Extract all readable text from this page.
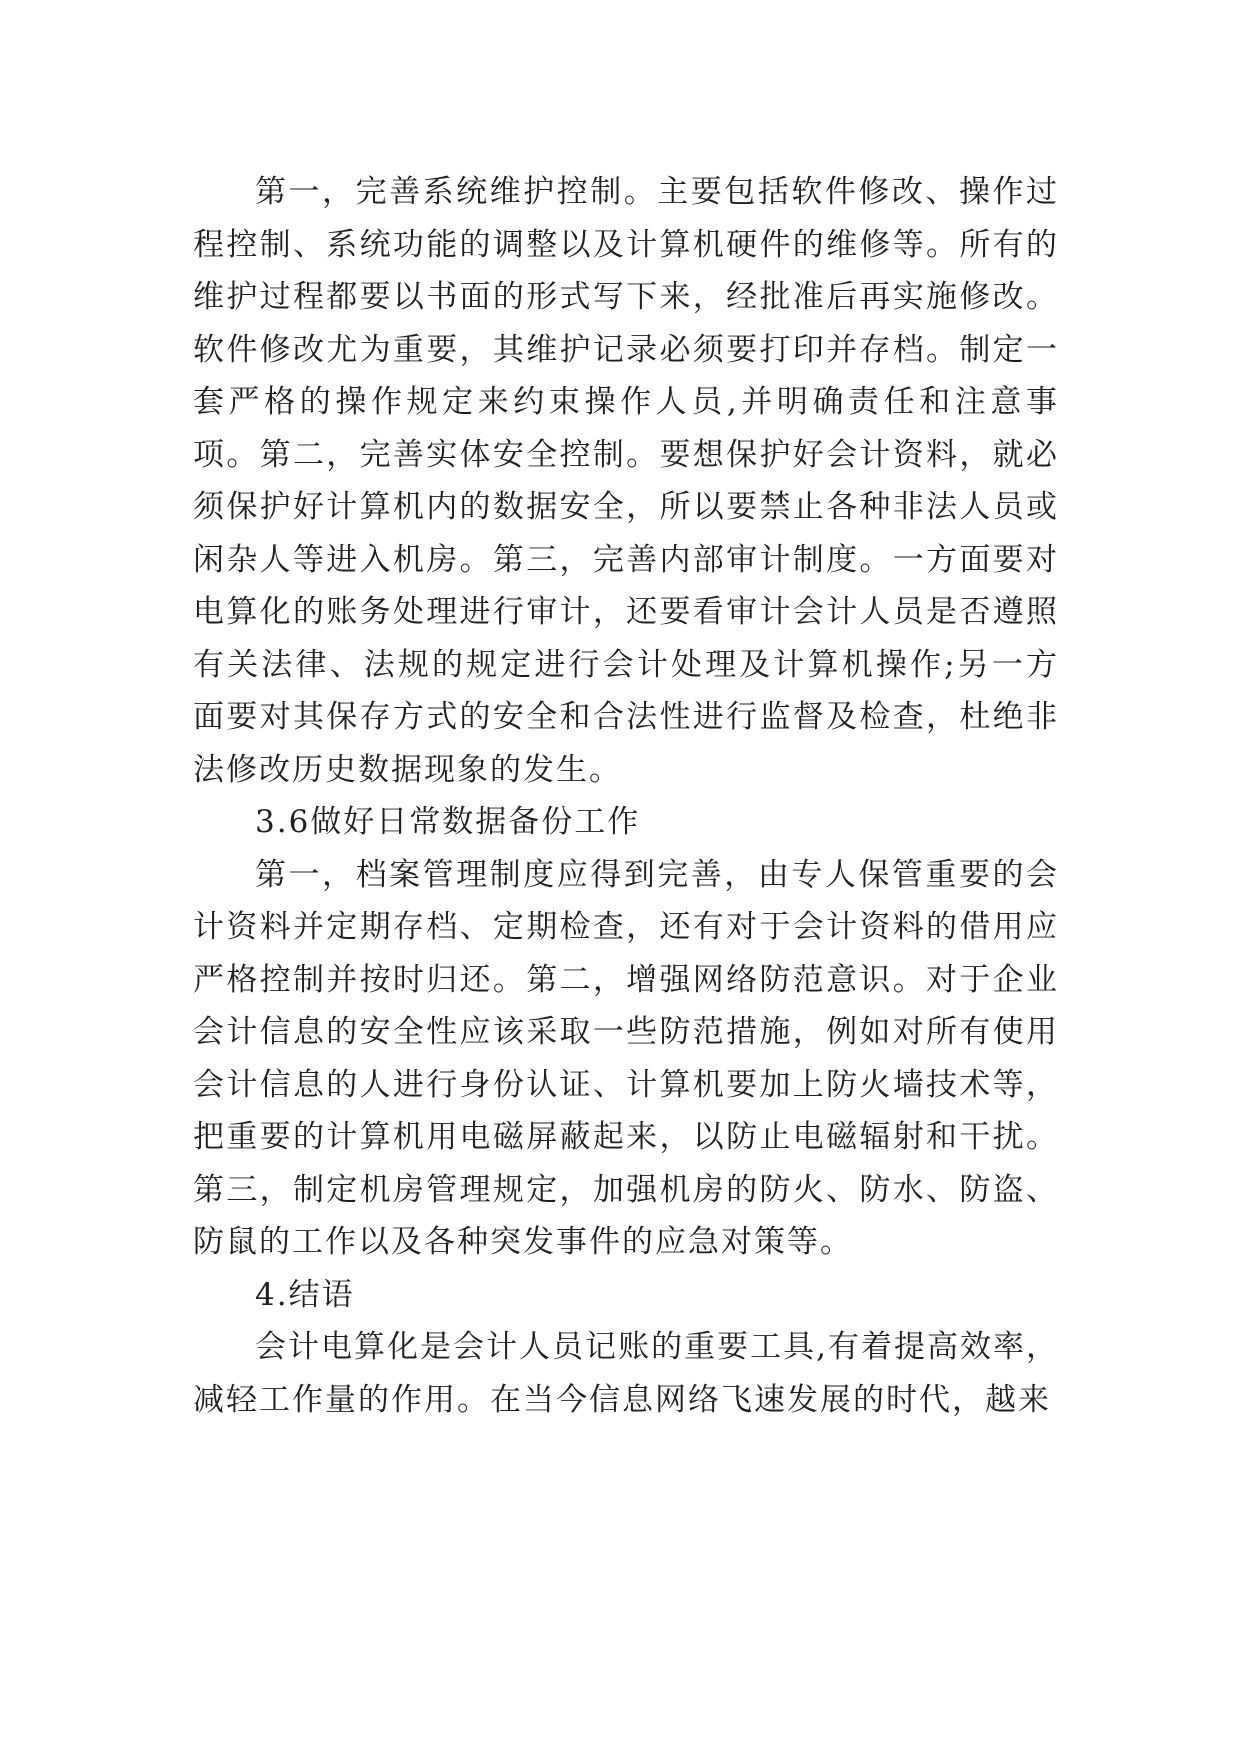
第一，完善系统维护控制。主要包括软件修改、操作过程控制、系统功能的调整以及计算机硬件的维修等。所有的维护过程都要以书面的形式写下来，经批准后再实施修改。软件修改尤为重要，其维护记录必须要打印并存档。制定一套严格的操作规定来约束操作人员,并明确责任和注意事项。第二，完善实体安全控制。要想保护好会计资料，就必须保护好计算机内的数据安全，所以要禁止各种非法人员或闲杂人等进入机房。第三，完善内部审计制度。一方面要对电算化的账务处理进行审计，还要看审计会计人员是否遵照有关法律、法规的规定进行会计处理及计算机操作;另一方面要对其保存方式的安全和合法性进行监督及检查，杜绝非法修改历史数据现象的发生。

3.6做好日常数据备份工作

第一，档案管理制度应得到完善，由专人保管重要的会计资料并定期存档、定期检查，还有对于会计资料的借用应严格控制并按时归还。第二，增强网络防范意识。对于企业会计信息的安全性应该采取一些防范措施，例如对所有使用会计信息的人进行身份认证、计算机要加上防火墙技术等，把重要的计算机用电磁屏蔽起来，以防止电磁辐射和干扰。第三，制定机房管理规定，加强机房的防火、防水、防盗、防鼠的工作以及各种突发事件的应急对策等。

4.结语

会计电算化是会计人员记账的重要工具,有着提高效率，减轻工作量的作用。在当今信息网络飞速发展的时代，越来
